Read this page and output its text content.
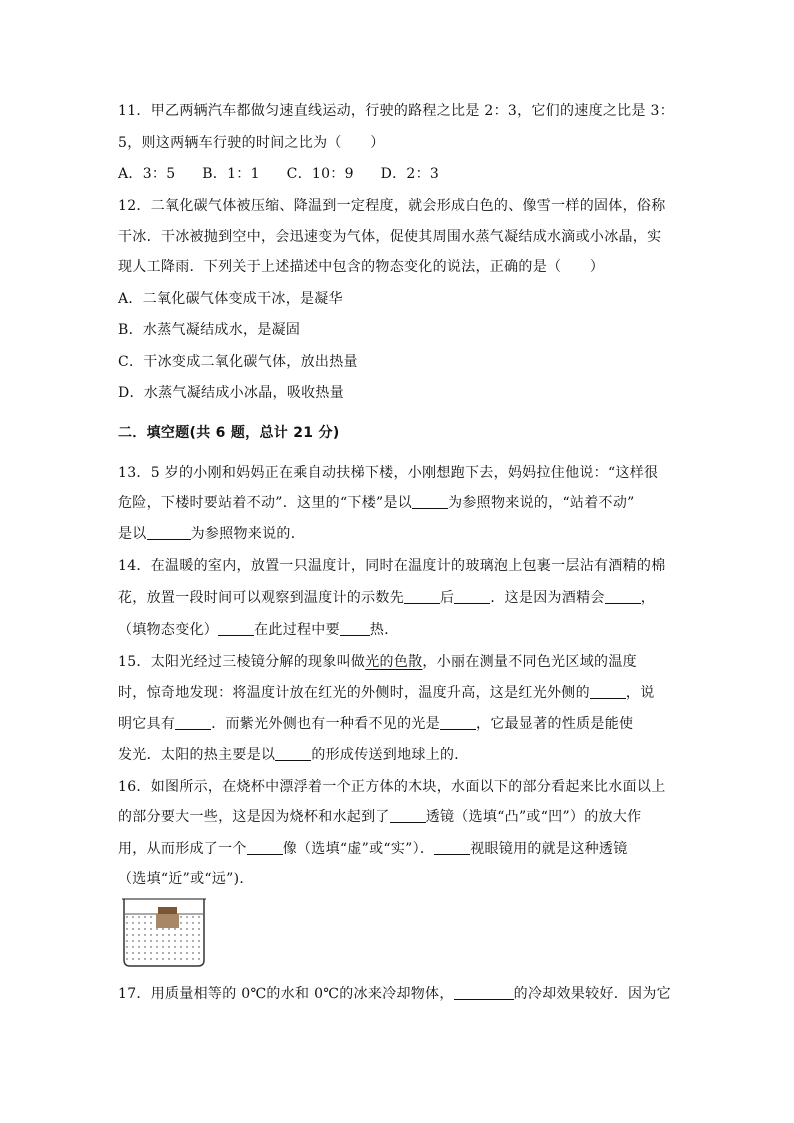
11．甲乙两辆汽车都做匀速直线运动，行驶的路程之比是 2：3，它们的速度之比是 3：
5，则这两辆车行驶的时间之比为（　　）
A．3：5 B．1：1 C．10：9 D．2：3
12．二氧化碳气体被压缩、降温到一定程度，就会形成白色的、像雪一样的固体，俗称
干冰．干冰被抛到空中，会迅速变为气体，促使其周围水蒸气凝结成水滴或小冰晶，实
现人工降雨．下列关于上述描述中包含的物态变化的说法，正确的是（　　）
A．二氧化碳气体变成干冰，是凝华
B．水蒸气凝结成水，是凝固
C．干冰变成二氧化碳气体，放出热量
D．水蒸气凝结成小冰晶，吸收热量
二．填空题(共 6 题，总计 21 分)
13．5 岁的小刚和妈妈正在乘自动扶梯下楼，小刚想跑下去，妈妈拉住他说：“这样很
危险，下楼时要站着不动”．这里的“下楼”是以	为参照物来说的，“站着不动”
是以	为参照物来说的．
14．在温暖的室内，放置一只温度计，同时在温度计的玻璃泡上包裹一层沾有酒精的棉
花，放置一段时间可以观察到温度计的示数先	后	．这是因为酒精会	，
（填物态变化）	在此过程中要 热．
15．太阳光经过三棱镜分解的现象叫做光的色散，小丽在测量不同色光区域的温度
时，惊奇地发现：将温度计放在红光的外侧时，温度升高，这是红光外侧的	，说
明它具有	．而紫光外侧也有一种看不见的光是	，它最显著的性质是能使
发光．太阳的热主要是以	的形成传送到地球上的．
16．如图所示，在烧杯中漂浮着一个正方体的木块，水面以下的部分看起来比水面以上
的部分要大一些，这是因为烧杯和水起到了	透镜（选填“凸”或“凹”）的放大作
用，从而形成了一个	像（选填“虚”或“实”）．	视眼镜用的就是这种透镜
（选填“近”或“远”)．
17．用质量相等的 0℃的水和 0℃的冰来冷却物体，	的冷却效果较好．因为它
